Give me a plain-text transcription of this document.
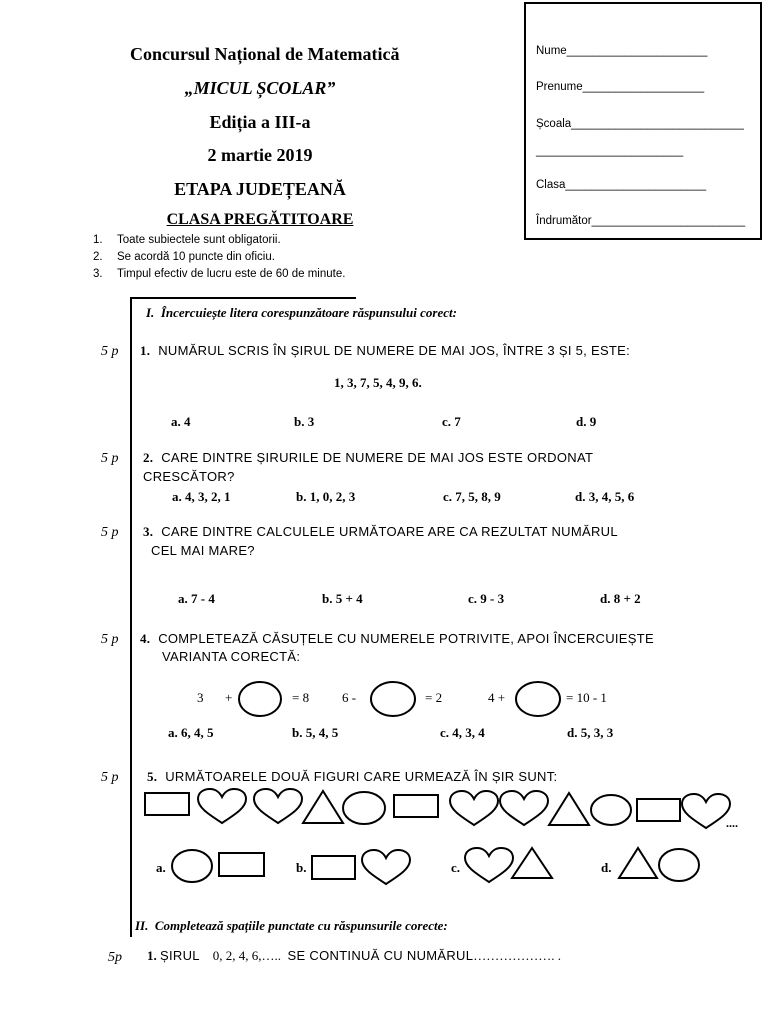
Concursul Național de Matematică
„MICUL ȘCOLAR”
Ediția a III-a
2 martie 2019
ETAPA JUDEȚEANĂ
CLASA PREGĂTITOARE
Nume______________________
Prenume___________________
Școala___________________________
_______________________
Clasa______________________
Îndrumător________________________
1. Toate subiectele sunt obligatorii.
2. Se acordă 10 puncte din oficiu.
3. Timpul efectiv de lucru este de 60 de minute.
I. Încercuiește litera corespunzătoare răspunsului corect:
5 p 1. NUMĂRUL SCRIS ÎN ȘIRUL DE NUMERE DE MAI JOS, ÎNTRE 3 ȘI 5, ESTE:
1, 3, 7, 5, 4, 9, 6.
a. 4	b. 3	c. 7	d. 9
5 p 2. CARE DINTRE ȘIRURILE DE NUMERE DE MAI JOS ESTE ORDONAT
CRESCĂTOR?
a. 4, 3, 2, 1	b. 1, 0, 2, 3	c. 7, 5, 8, 9	d. 3, 4, 5, 6
5 p 3. CARE DINTRE CALCULELE URMĂTOARE ARE CA REZULTAT NUMĂRUL
CEL MAI MARE?
a. 7 - 4	b. 5 + 4	c. 9 - 3	d. 8 + 2
5 p 4. COMPLETEAZĂ CĂSUȚELE CU NUMERELE POTRIVITE, APOI ÎNCERCUIEȘTE
VARIANTA CORECTĂ:
3 +	= 8	6 -	= 2	4 +	= 10 - 1
a. 6, 4, 5	b. 5, 4, 5	c. 4, 3, 4	d. 5, 3, 3
5 p 5. URMĂTOARELE DOUĂ FIGURI CARE URMEAZĂ ÎN ȘIR SUNT:
....
a.	b.	c.	d.
II. Completează spațiile punctate cu răspunsurile corecte:
5p 1. ȘIRUL 0, 2, 4, 6,….. SE CONTINUĂ CU NUMĂRUL………………. .
